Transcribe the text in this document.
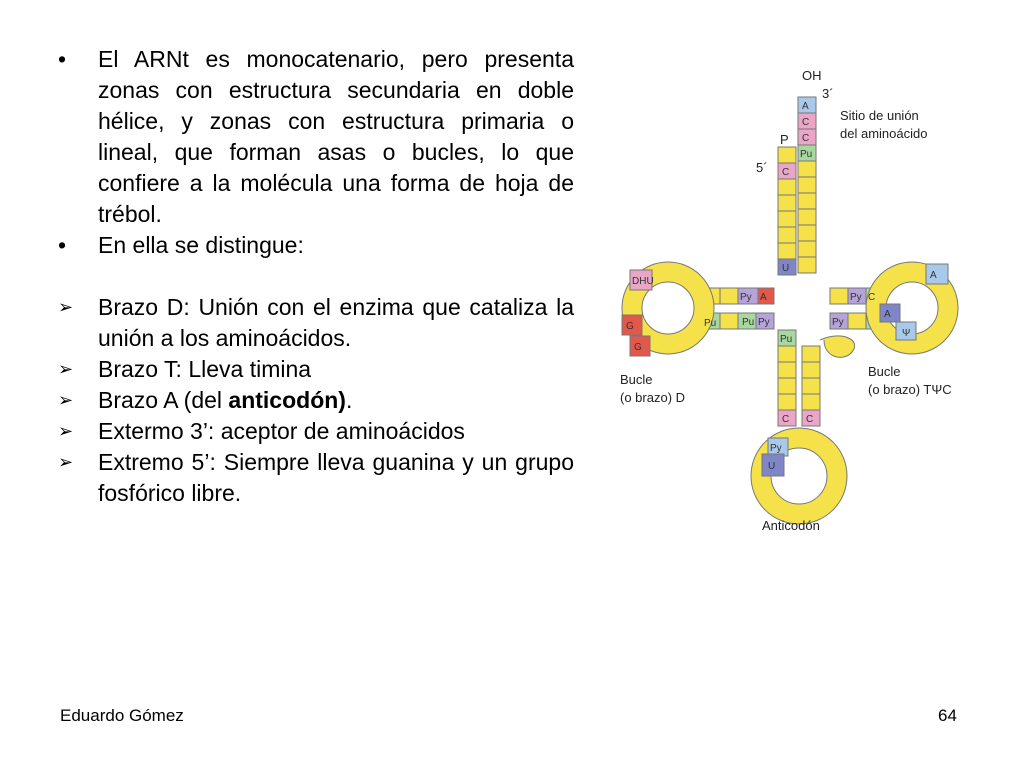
•	El ARNt es monocatenario, pero presenta zonas con estructura secundaria en doble hélice, y zonas con estructura primaria o lineal, que forman asas o bucles, lo que confiere a la molécula una forma de hoja de trébol.
•	En ella se distingue:
➢ Brazo D: Unión con el enzima que cataliza la unión a los aminoácidos.
➢ Brazo T: Lleva timina
➢ Brazo A (del anticodón).
➢ Extermo 3’: aceptor de aminoácidos
➢ Extremo 5’: Siempre lleva guanina y un grupo fosfórico libre.
OH
3´
P
5´
Sitio de unión
del aminoácido
Bucle
(o brazo) D
Bucle
(o brazo) TΨC
Anticodón
A
C
C
Pu
C
U
DHU
G
G
Pu
Py A
Pu Py	Py
Py C
A
A
Ψ
Pu
C C
Py
U
Eduardo Gómez	64
